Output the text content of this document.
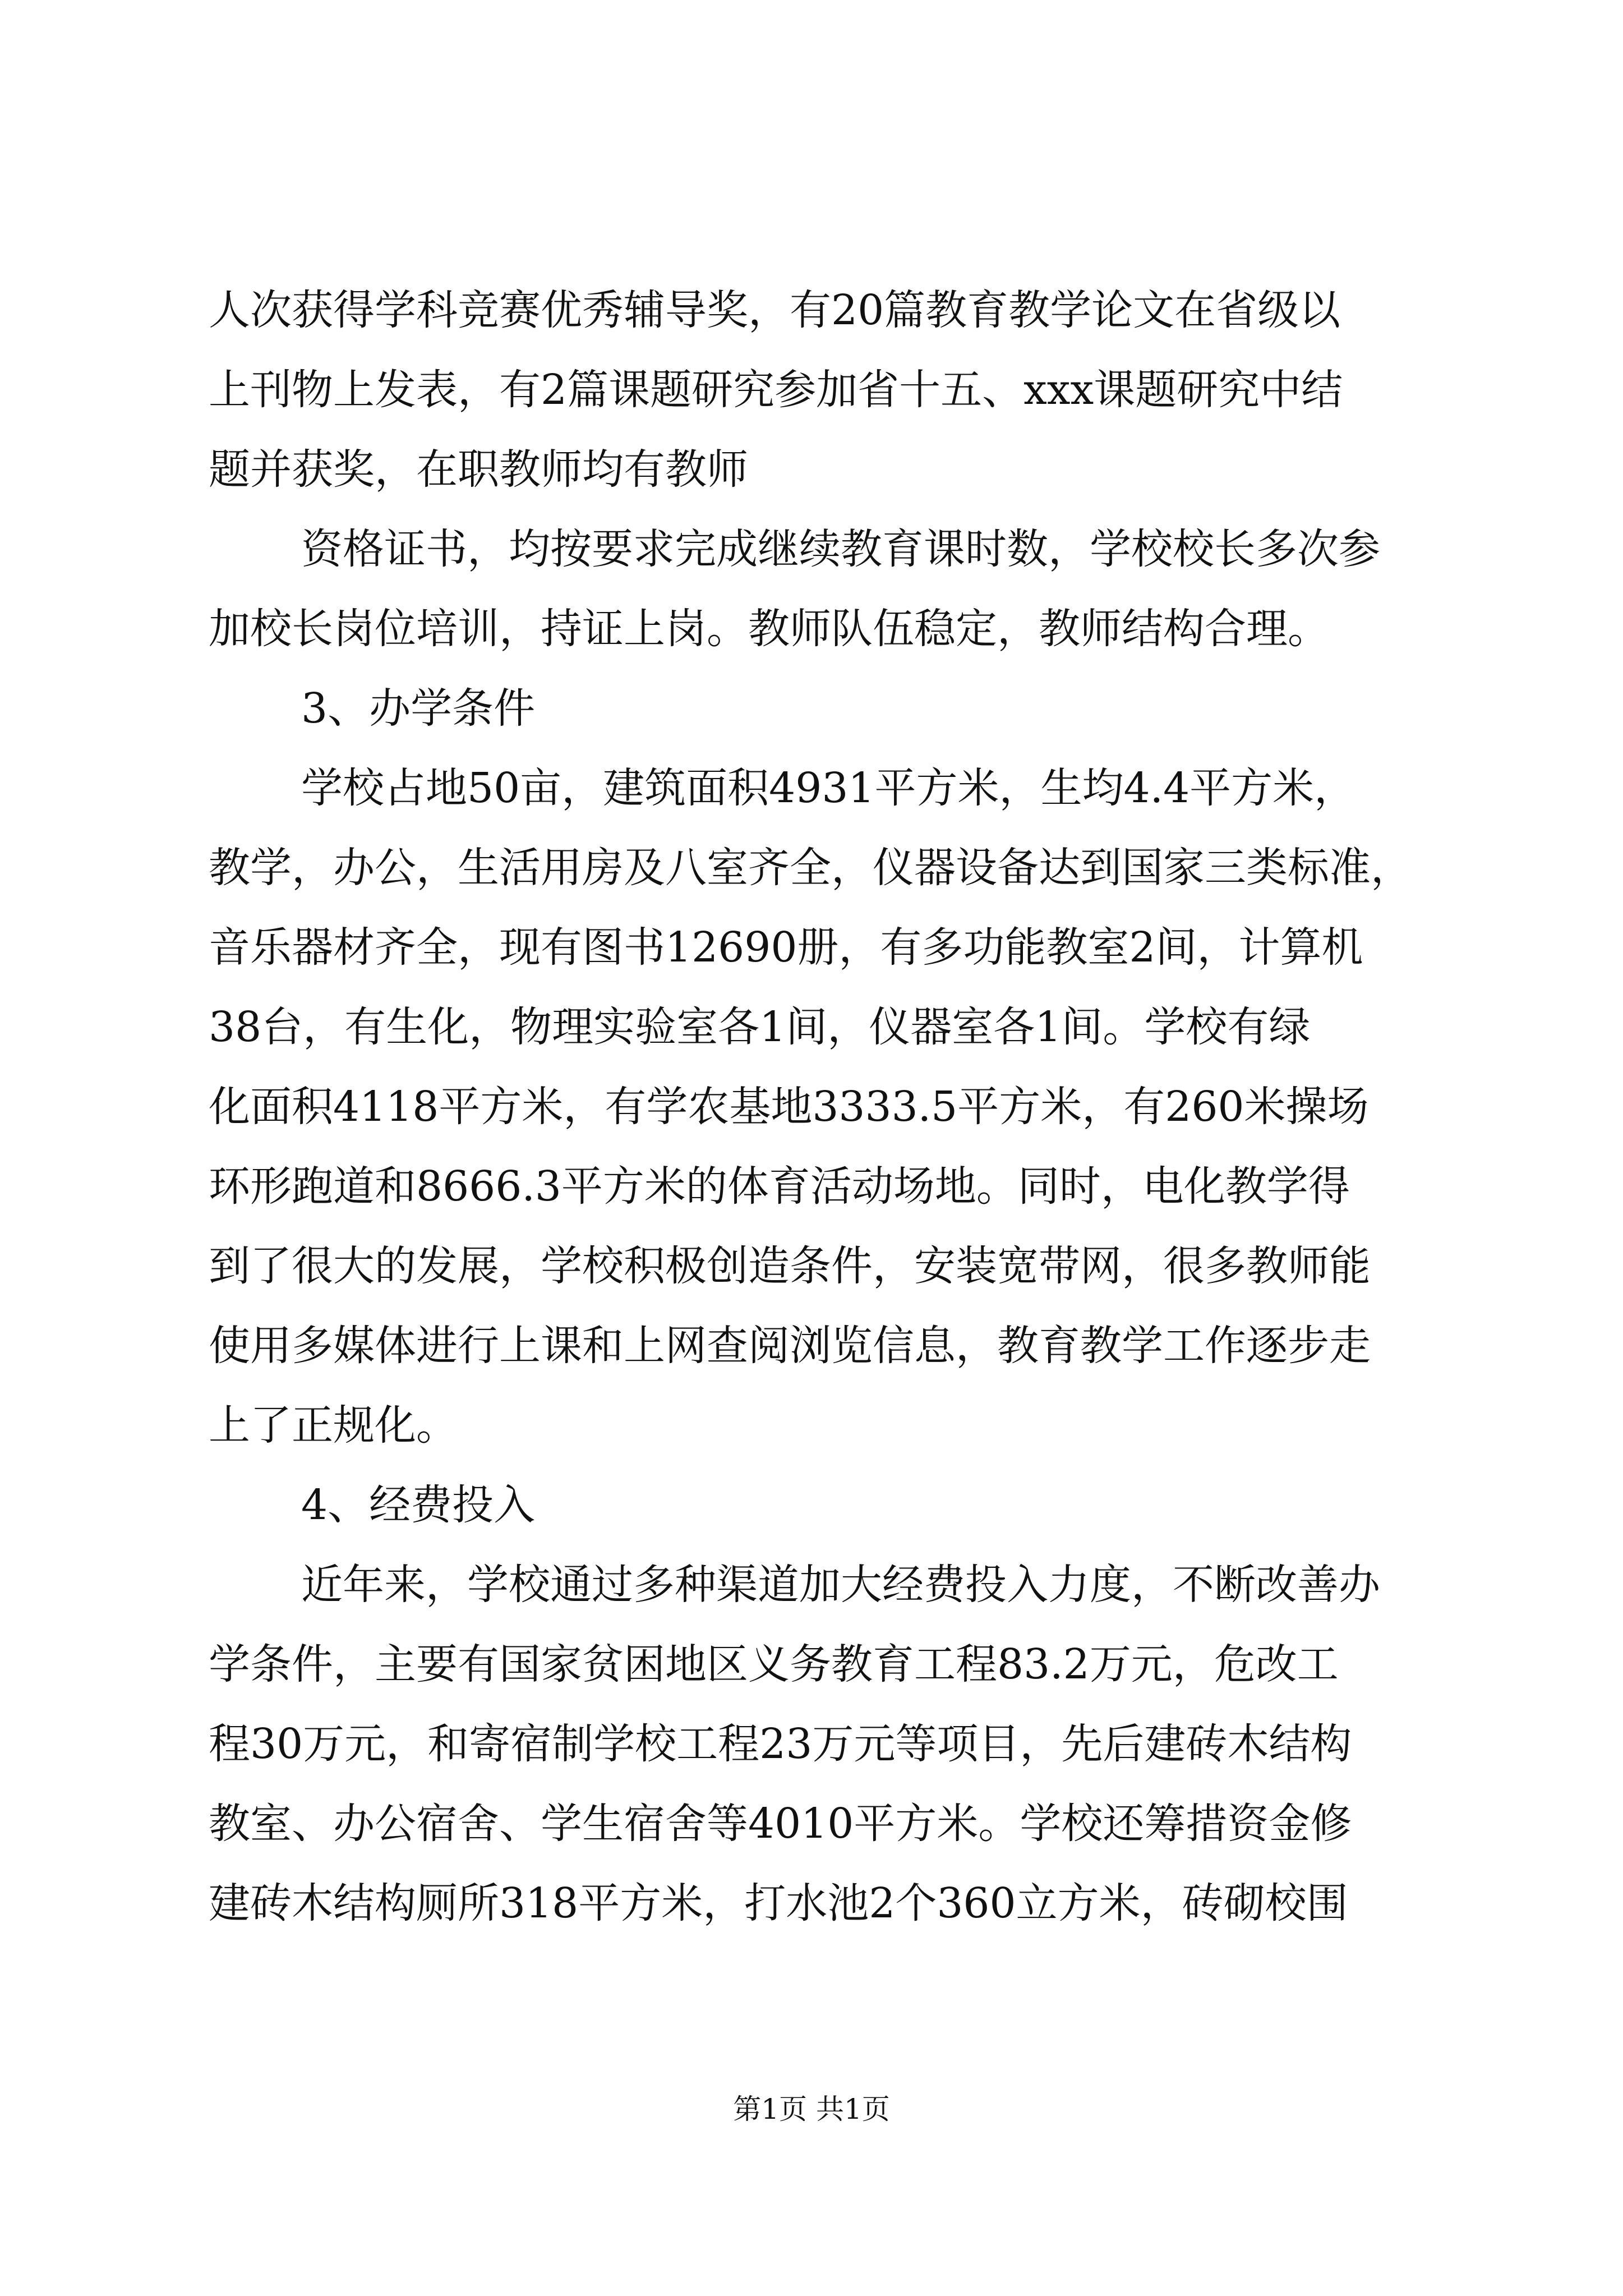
人次获得学科竞赛优秀辅导奖，有20篇教育教学论文在省级以
上刊物上发表，有2篇课题研究参加省十五、xxx课题研究中结
题并获奖，在职教师均有教师
资格证书，均按要求完成继续教育课时数，学校校长多次参
加校长岗位培训，持证上岗。教师队伍稳定，教师结构合理。
3、办学条件
学校占地50亩，建筑面积4931平方米，生均4.4平方米，
教学，办公，生活用房及八室齐全，仪器设备达到国家三类标准，
音乐器材齐全，现有图书12690册，有多功能教室2间，计算机
38台，有生化，物理实验室各1间，仪器室各1间。学校有绿
化面积4118平方米，有学农基地3333.5平方米，有260米操场
环形跑道和8666.3平方米的体育活动场地。同时，电化教学得
到了很大的发展，学校积极创造条件，安装宽带网，很多教师能
使用多媒体进行上课和上网查阅浏览信息，教育教学工作逐步走
上了正规化。
4、经费投入
近年来，学校通过多种渠道加大经费投入力度，不断改善办
学条件，主要有国家贫困地区义务教育工程83.2万元，危改工
程30万元，和寄宿制学校工程23万元等项目，先后建砖木结构
教室、办公宿舍、学生宿舍等4010平方米。学校还筹措资金修
建砖木结构厕所318平方米，打水池2个360立方米，砖砌校围
第1页 共1页
